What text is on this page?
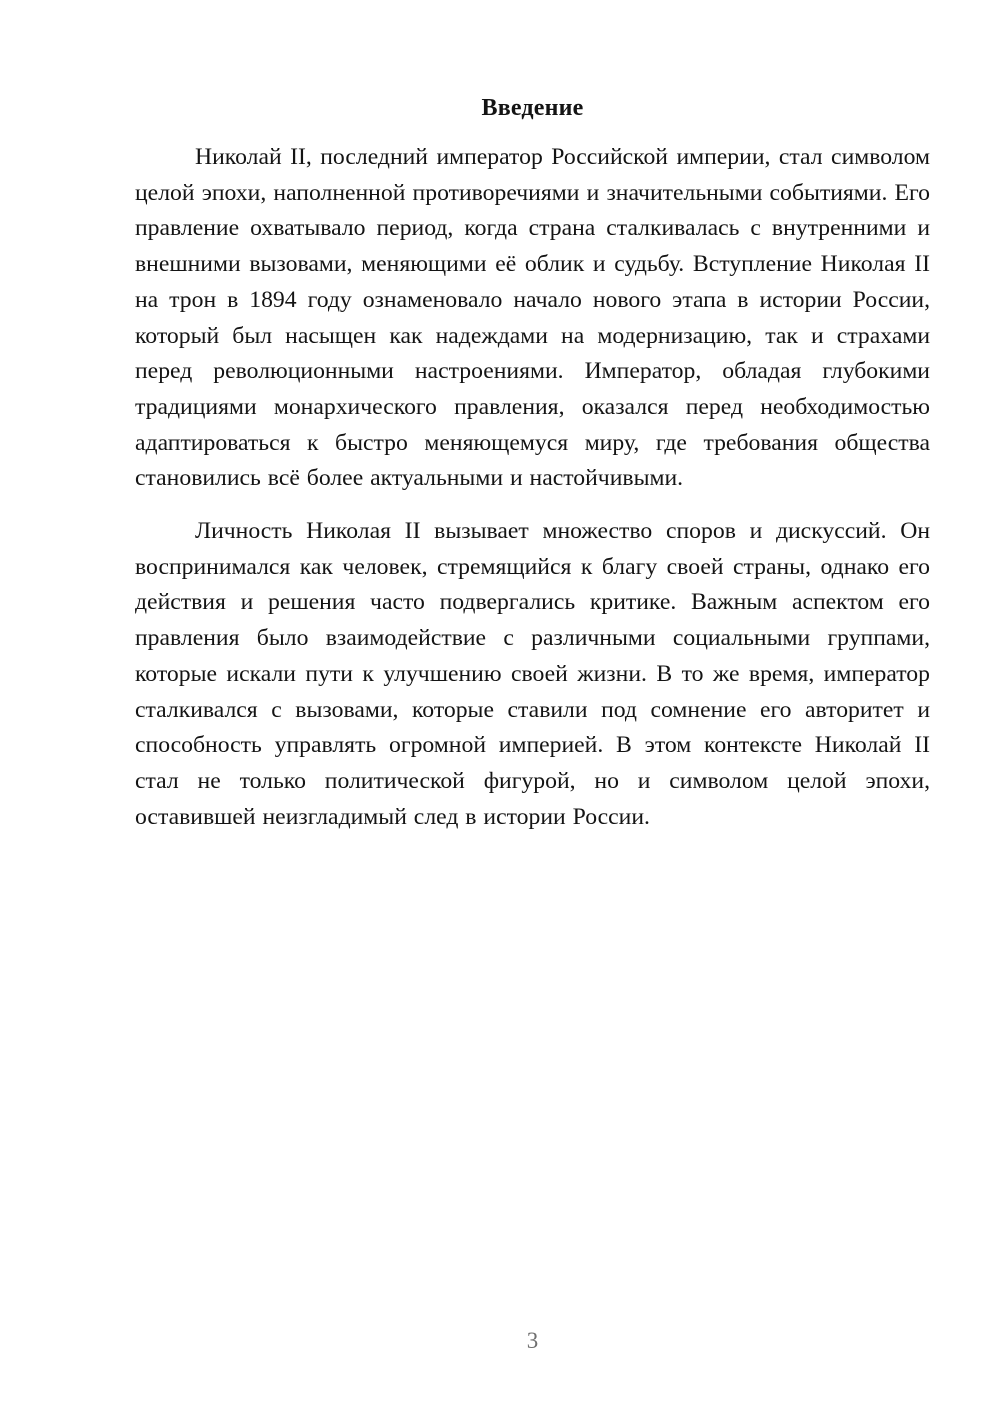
Введение

Николай II, последний император Российской империи, стал символом целой эпохи, наполненной противоречиями и значительными событиями. Его правление охватывало период, когда страна сталкивалась с внутренними и внешними вызовами, меняющими её облик и судьбу. Вступление Николая II на трон в 1894 году ознаменовало начало нового этапа в истории России, который был насыщен как надеждами на модернизацию, так и страхами перед революционными настроениями. Император, обладая глубокими традициями монархического правления, оказался перед необходимостью адаптироваться к быстро меняющемуся миру, где требования общества становились всё более актуальными и настойчивыми.

Личность Николая II вызывает множество споров и дискуссий. Он воспринимался как человек, стремящийся к благу своей страны, однако его действия и решения часто подвергались критике. Важным аспектом его правления было взаимодействие с различными социальными группами, которые искали пути к улучшению своей жизни. В то же время, император сталкивался с вызовами, которые ставили под сомнение его авторитет и способность управлять огромной империей. В этом контексте Николай II стал не только политической фигурой, но и символом целой эпохи, оставившей неизгладимый след в истории России.

3
